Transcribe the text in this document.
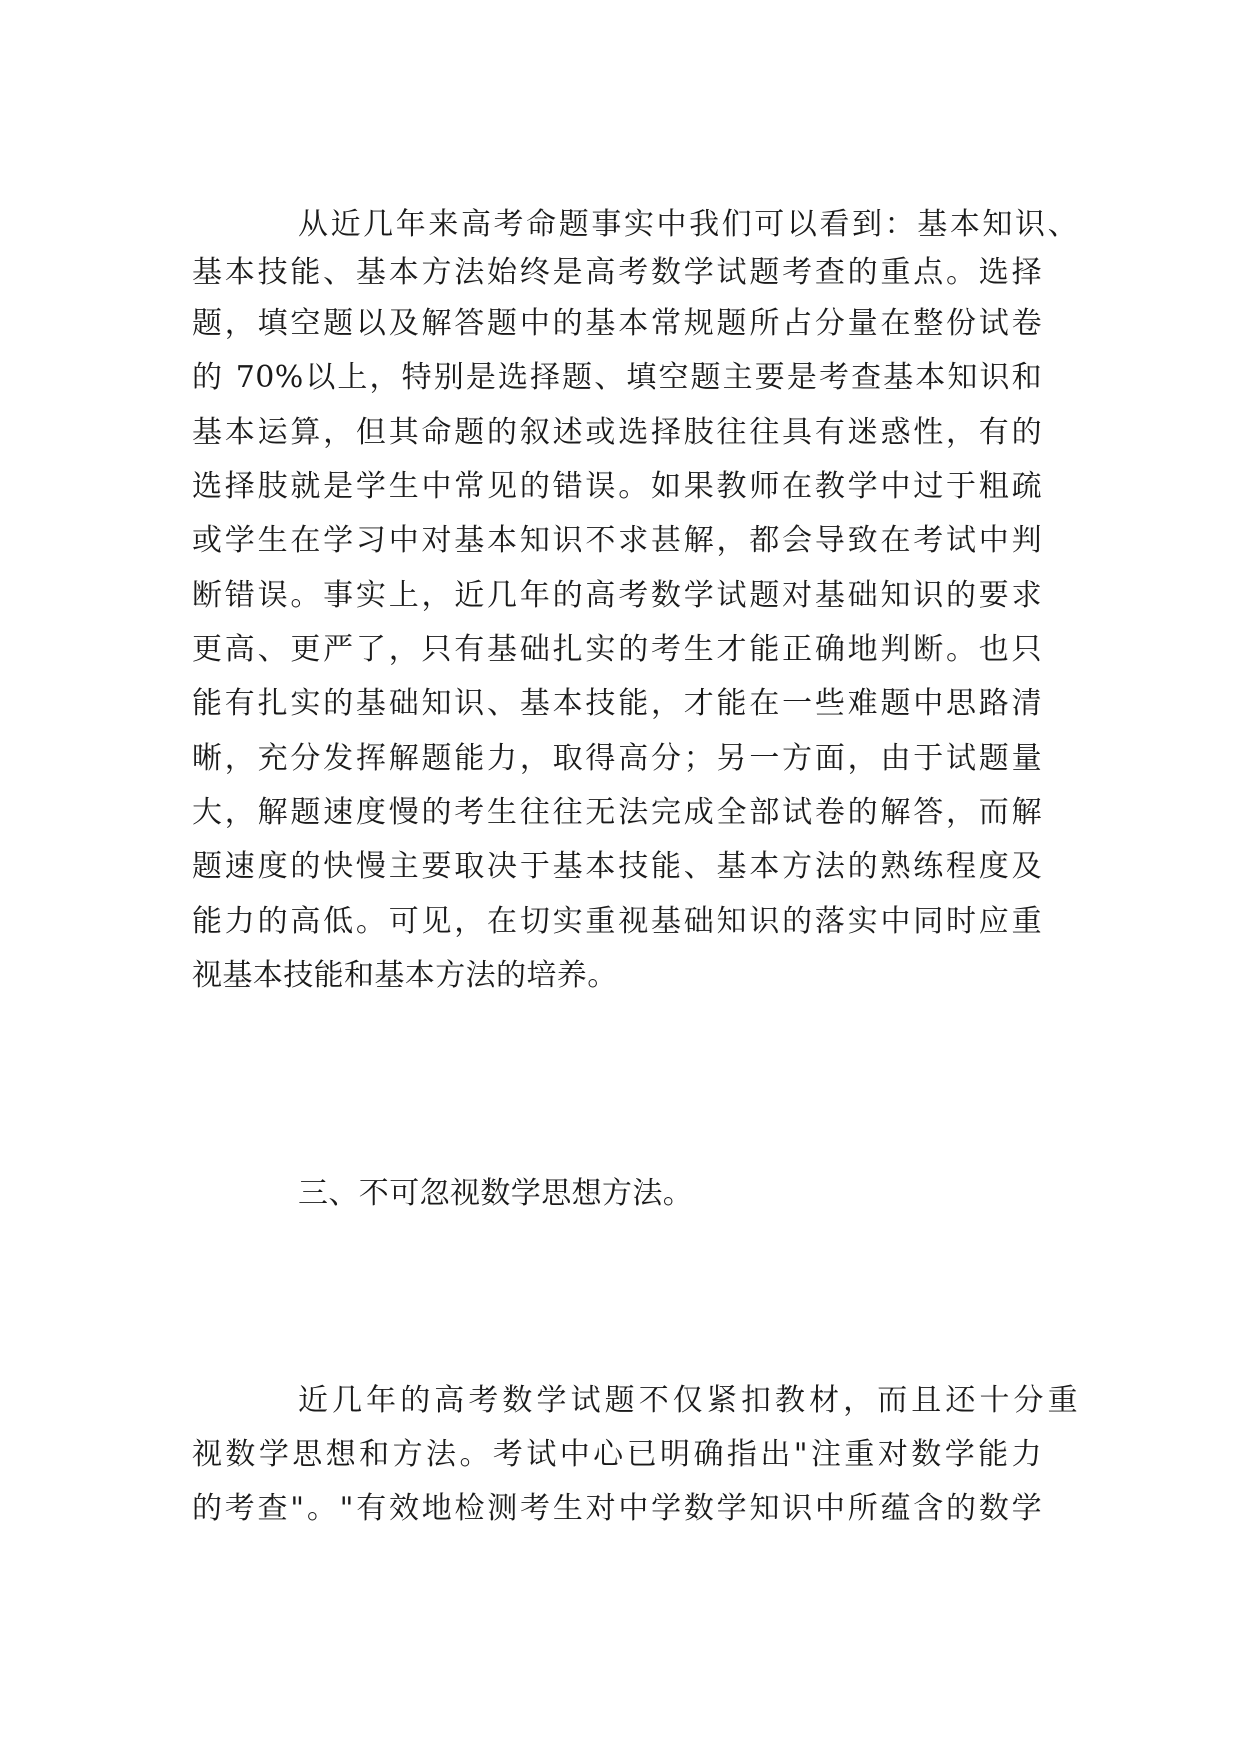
从近几年来高考命题事实中我们可以看到：基本知识、
基本技能、基本方法始终是高考数学试题考查的重点。选择
题，填空题以及解答题中的基本常规题所占分量在整份试卷
的 70%以上，特别是选择题、填空题主要是考查基本知识和
基本运算，但其命题的叙述或选择肢往往具有迷惑性，有的
选择肢就是学生中常见的错误。如果教师在教学中过于粗疏
或学生在学习中对基本知识不求甚解，都会导致在考试中判
断错误。事实上，近几年的高考数学试题对基础知识的要求
更高、更严了，只有基础扎实的考生才能正确地判断。也只
能有扎实的基础知识、基本技能，才能在一些难题中思路清
晰，充分发挥解题能力，取得高分；另一方面，由于试题量
大，解题速度慢的考生往往无法完成全部试卷的解答，而解
题速度的快慢主要取决于基本技能、基本方法的熟练程度及
能力的高低。可见，在切实重视基础知识的落实中同时应重
视基本技能和基本方法的培养。
三、不可忽视数学思想方法。
近几年的高考数学试题不仅紧扣教材，而且还十分重
视数学思想和方法。考试中心已明确指出"注重对数学能力
的考查"。"有效地检测考生对中学数学知识中所蕴含的数学
